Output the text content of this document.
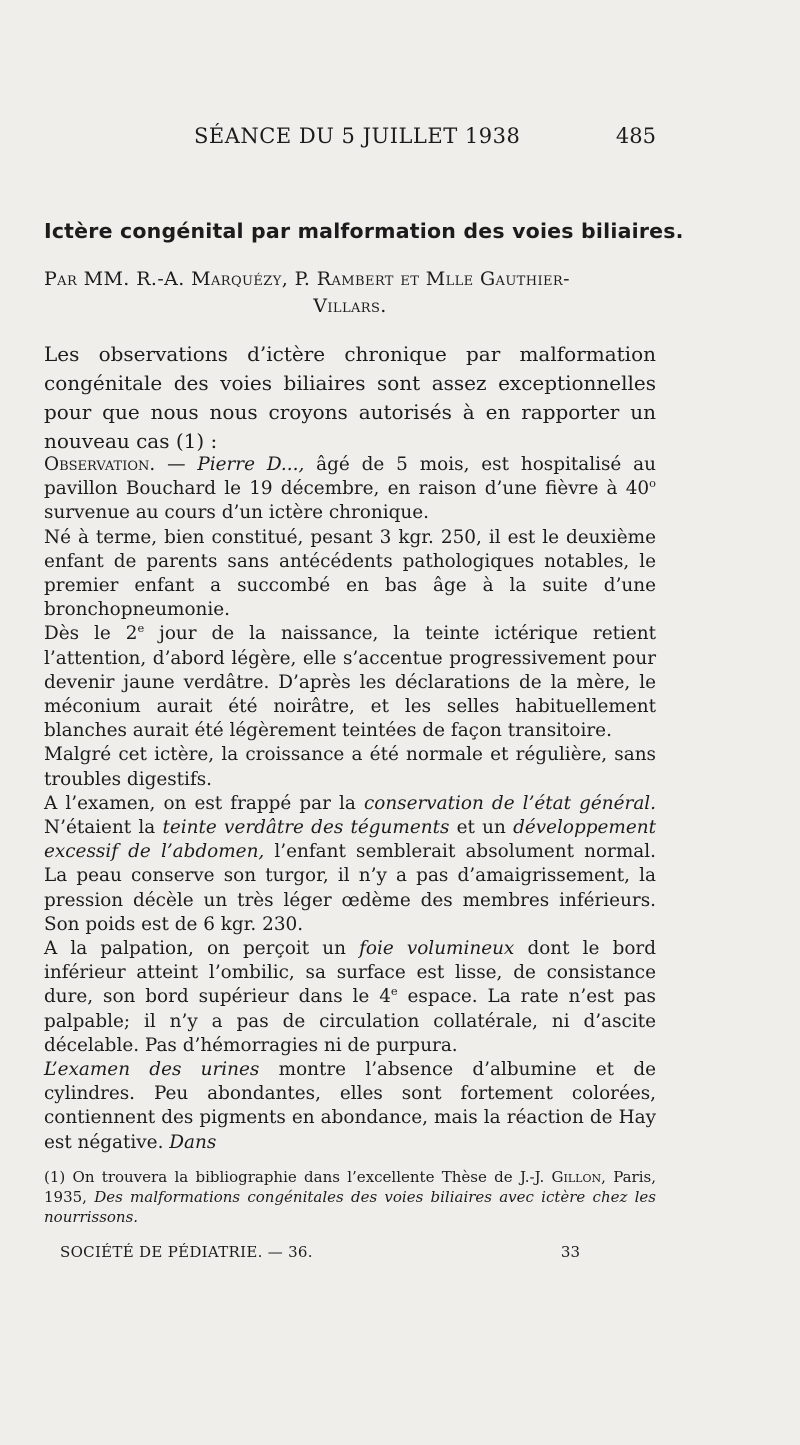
SÉANCE DU 5 JUILLET 1938	485
Ictère congénital par malformation des voies biliaires.
Par MM. R.-A. Marquézy, P. Rambert et Mlle Gauthier-
Villars.

Les observations d’ictère chronique par malformation congénitale des voies biliaires sont assez exceptionnelles pour que nous nous croyons autorisés à en rapporter un nouveau cas (1) :

Observation. — Pierre D..., âgé de 5 mois, est hospitalisé au pavillon Bouchard le 19 décembre, en raison d’une fièvre à 40$^o$ survenue au cours d’un ictère chronique.

Né à terme, bien constitué, pesant 3 kgr. 250, il est le deuxième enfant de parents sans antécédents pathologiques notables, le premier enfant a succombé en bas âge à la suite d’une bronchopneumonie.

Dès le 2e jour de la naissance, la teinte ictérique retient l’attention, d’abord légère, elle s’accentue progressivement pour devenir jaune verdâtre. D’après les déclarations de la mère, le méconium aurait été noirâtre, et les selles habituellement blanches aurait été légèrement teintées de façon transitoire.

Malgré cet ictère, la croissance a été normale et régulière, sans troubles digestifs.

A l’examen, on est frappé par la conservation de l’état général. N’étaient la teinte verdâtre des téguments et un développement excessif de l’abdomen, l’enfant semblerait absolument normal. La peau conserve son turgor, il n’y a pas d’amaigrissement, la pression décèle un très léger œdème des membres inférieurs. Son poids est de 6 kgr. 230.

A la palpation, on perçoit un foie volumineux dont le bord inférieur atteint l’ombilic, sa surface est lisse, de consistance dure, son bord supérieur dans le 4e espace. La rate n’est pas palpable; il n’y a pas de circulation collatérale, ni d’ascite décelable. Pas d’hémorragies ni de purpura.

L’examen des urines montre l’absence d’albumine et de cylindres. Peu abondantes, elles sont fortement colorées, contiennent des pigments en abondance, mais la réaction de Hay est négative. Dans

(1) On trouvera la bibliographie dans l’excellente Thèse de J.-J. Gillon, Paris, 1935, Des malformations congénitales des voies biliaires avec ictère chez les nourrissons.

SOCIÉTÉ DE PÉDIATRIE. — 36.	33
